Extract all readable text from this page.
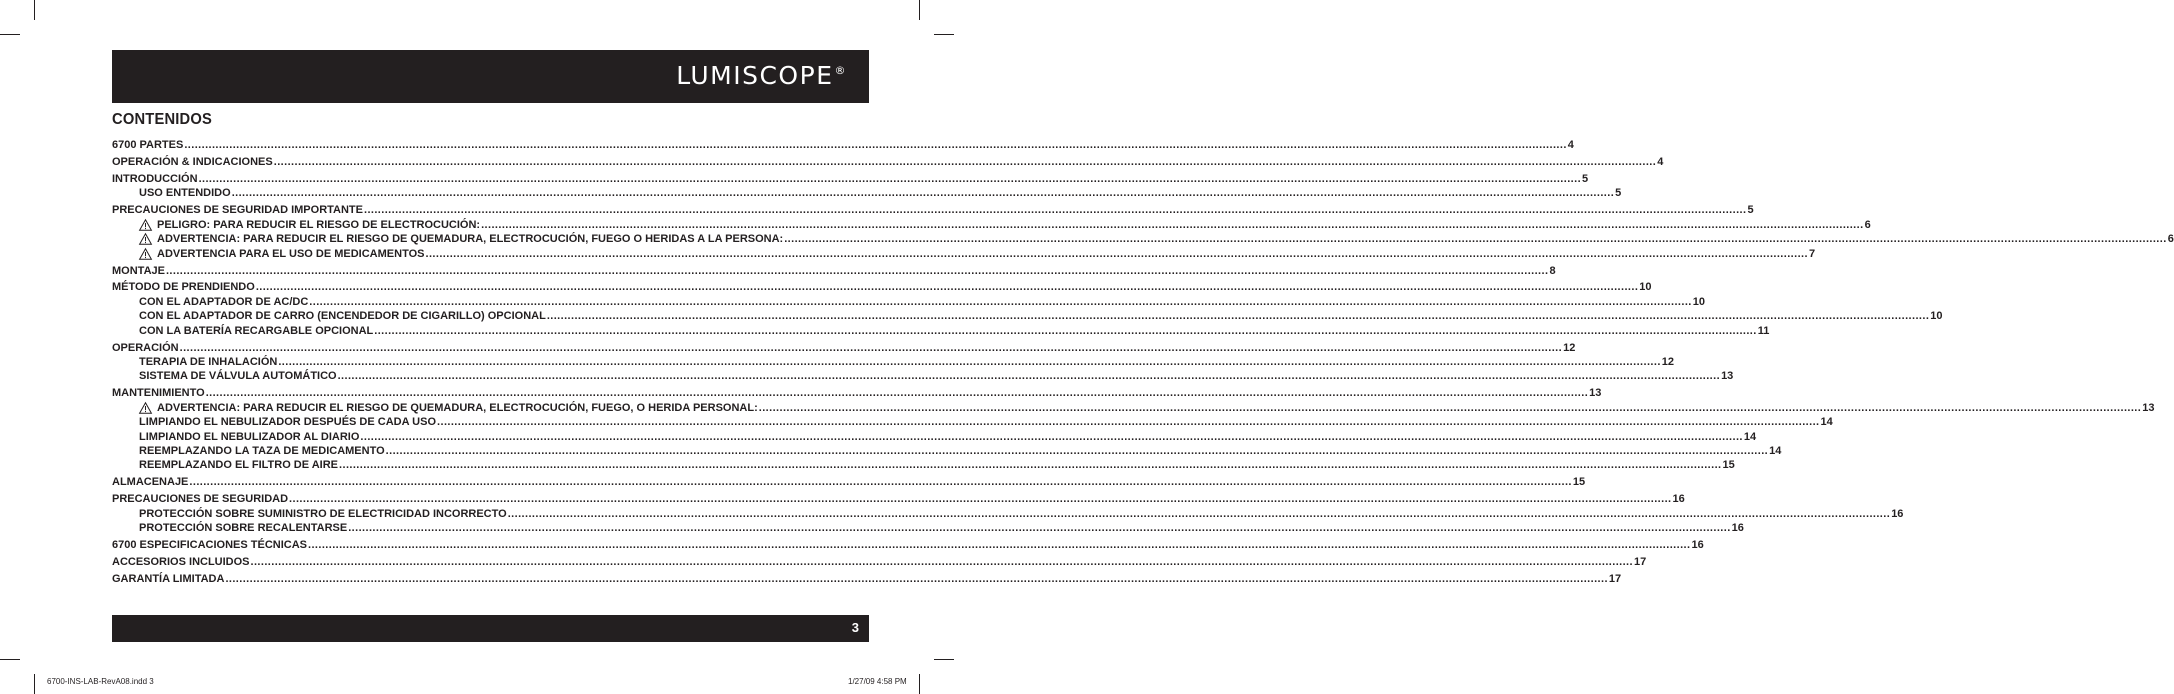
LUMISCOPE®
CONTENIDOS
6700 PARTES ................................................................................................................................................................................................................................................................................................................................................................................................................ 4
OPERACIÓN & INDICACIONES ................................................................................................................................................................................................................................................................................................................................................................................................................ 4
INTRODUCCIÓN ................................................................................................................................................................................................................................................................................................................................................................................................................ 5
USO ENTENDIDO ................................................................................................................................................................................................................................................................................................................................................................................................................ 5
PRECAUCIONES DE SEGURIDAD IMPORTANTE ................................................................................................................................................................................................................................................................................................................................................................................................................ 5
PELIGRO: PARA REDUCIR EL RIESGO DE ELECTROCUCIÓN: ................................................................................................................................................................................................................................................................................................................................................................................................................ 6
ADVERTENCIA: PARA REDUCIR EL RIESGO DE QUEMADURA, ELECTROCUCIÓN, FUEGO O HERIDAS A LA PERSONA: ................................................................................................................................................................................................................................................................................................................................................................................................................ 6
ADVERTENCIA PARA EL USO DE MEDICAMENTOS ................................................................................................................................................................................................................................................................................................................................................................................................................ 7
MONTAJE ................................................................................................................................................................................................................................................................................................................................................................................................................ 8
MÉTODO DE PRENDIENDO ................................................................................................................................................................................................................................................................................................................................................................................................................ 10
CON EL ADAPTADOR DE AC/DC ................................................................................................................................................................................................................................................................................................................................................................................................................ 10
CON EL ADAPTADOR DE CARRO (ENCENDEDOR DE CIGARILLO) OPCIONAL ................................................................................................................................................................................................................................................................................................................................................................................................................ 10
CON LA BATERÍA RECARGABLE OPCIONAL ................................................................................................................................................................................................................................................................................................................................................................................................................ 11
OPERACIÓN ................................................................................................................................................................................................................................................................................................................................................................................................................ 12
TERAPIA DE INHALACIÓN ................................................................................................................................................................................................................................................................................................................................................................................................................ 12
SISTEMA DE VÁLVULA AUTOMÁTICO ................................................................................................................................................................................................................................................................................................................................................................................................................ 13
MANTENIMIENTO ................................................................................................................................................................................................................................................................................................................................................................................................................ 13
ADVERTENCIA: PARA REDUCIR EL RIESGO DE QUEMADURA, ELECTROCUCIÓN, FUEGO, O HERIDA PERSONAL: ................................................................................................................................................................................................................................................................................................................................................................................................................ 13
LIMPIANDO EL NEBULIZADOR DESPUÉS DE CADA USO ................................................................................................................................................................................................................................................................................................................................................................................................................ 14
LIMPIANDO EL NEBULIZADOR AL DIARIO ................................................................................................................................................................................................................................................................................................................................................................................................................ 14
REEMPLAZANDO LA TAZA DE MEDICAMENTO ................................................................................................................................................................................................................................................................................................................................................................................................................ 14
REEMPLAZANDO EL FILTRO DE AIRE ................................................................................................................................................................................................................................................................................................................................................................................................................ 15
ALMACENAJE ................................................................................................................................................................................................................................................................................................................................................................................................................ 15
PRECAUCIONES DE SEGURIDAD ................................................................................................................................................................................................................................................................................................................................................................................................................ 16
PROTECCIÓN SOBRE SUMINISTRO DE ELECTRICIDAD INCORRECTO ................................................................................................................................................................................................................................................................................................................................................................................................................ 16
PROTECCIÓN SOBRE RECALENTARSE ................................................................................................................................................................................................................................................................................................................................................................................................................ 16
6700 ESPECIFICACIONES TÉCNICAS ................................................................................................................................................................................................................................................................................................................................................................................................................ 16
ACCESORIOS INCLUIDOS ................................................................................................................................................................................................................................................................................................................................................................................................................ 17
GARANTÍA LIMITADA ................................................................................................................................................................................................................................................................................................................................................................................................................ 17
3
6700-INS-LAB-RevA08.indd 3	1/27/09 4:58 PM
